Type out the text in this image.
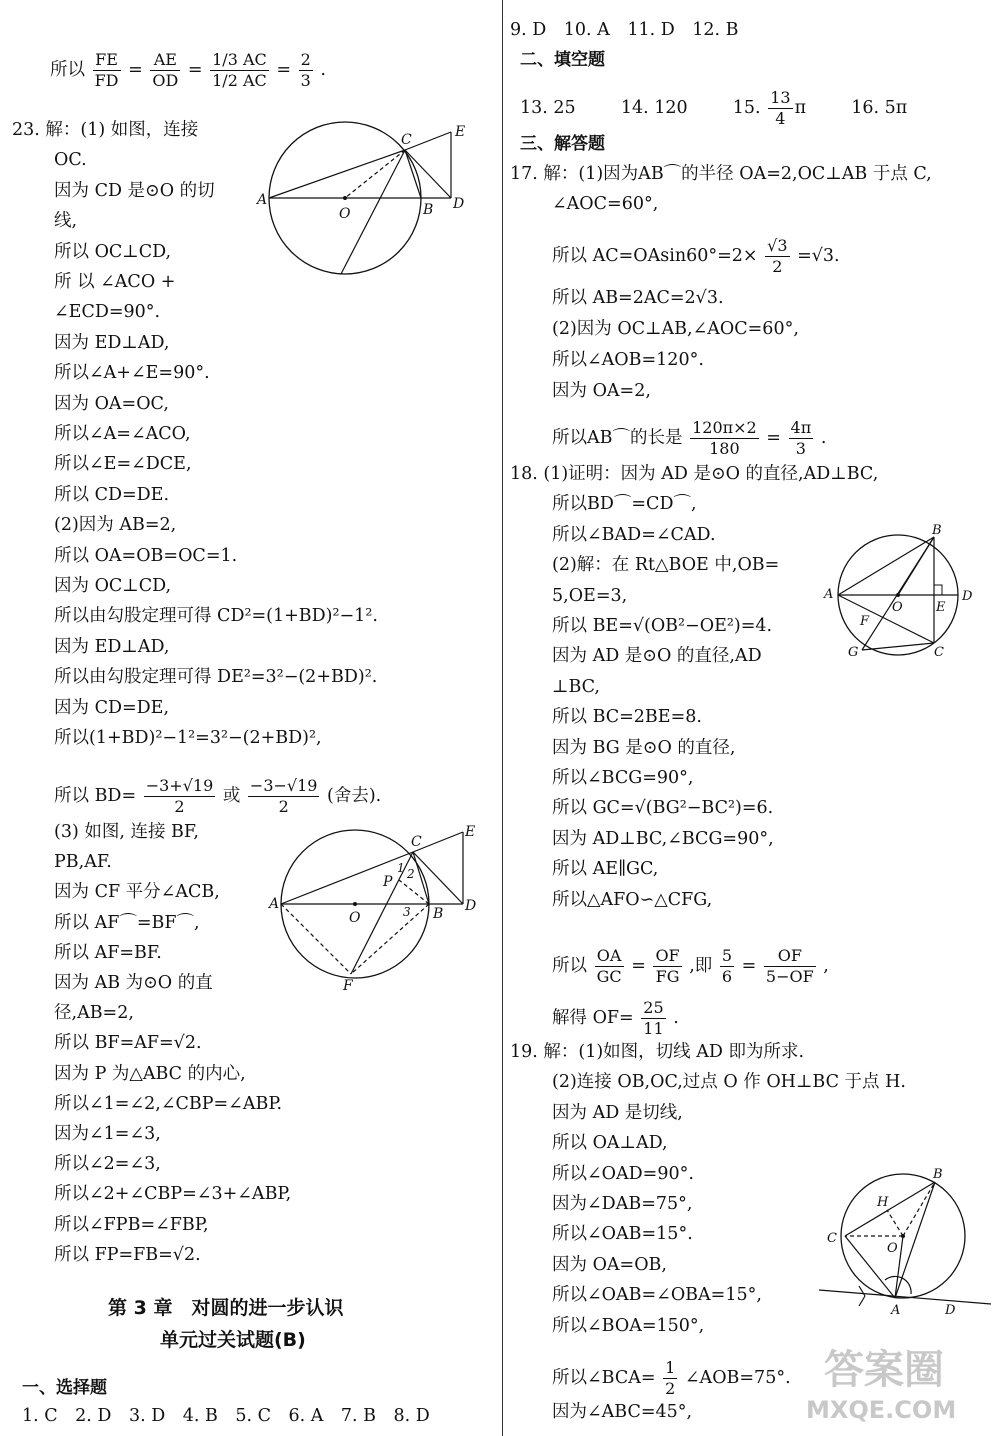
所以 $\frac{FE}{FD} = \frac{AE}{OD} = \frac{1/3 AC}{1/2 AC} = \frac{2}{3}$ .
23. 解：(1) 如图，连接
OC.
因为 CD 是⊙O 的切
线,
所以 OC⊥CD,
所 以 ∠ACO +
∠ECD=90°.
因为 ED⊥AD,
所以∠A+∠E=90°.
因为 OA=OC,
所以∠A=∠ACO,
所以∠E=∠DCE,
所以 CD=DE.
(2)因为 AB=2,
所以 OA=OB=OC=1.
因为 OC⊥CD,
所以由勾股定理可得 CD²=(1+BD)²−1².
因为 ED⊥AD,
所以由勾股定理可得 DE²=3²−(2+BD)².
因为 CD=DE,
所以(1+BD)²−1²=3²−(2+BD)²,
所以 $BD= \frac{-3+√19}{2}$ 或 $\frac{-3-√19}{2}$ (舍去).
(3) 如图, 连接 BF,
PB,AF.
因为 CF 平分∠ACB,
所以 AF⌒=BF⌒,
所以 AF=BF.
因为 AB 为⊙O 的直
径,AB=2,
所以 BF=AF=√2.
因为 P 为△ABC 的内心,
所以∠1=∠2,∠CBP=∠ABP.
因为∠1=∠3,
所以∠2=∠3,
所以∠2+∠CBP=∠3+∠ABP,
所以∠FPB=∠FBP,
所以 FP=FB=√2.
第 3 章　对圆的进一步认识
单元过关试题(B)
一、选择题
1. C　2. D　3. D　4. B　5. C　6. A　7. B　8. D
9. D　10. A　11. D　12. B
二、填空题
13. 25	14. 120	15. $\frac{13}{4}$ π	16. 5π
三、解答题
17. 解：(1)因为AB⌒的半径 OA=2,OC⊥AB 于点 C,
∠AOC=60°,
所以 $AC=OAsin60^\circ=2\times \frac{√3}{2} =√3$.
所以 AB=2AC=2√3.
(2)因为 OC⊥AB,∠AOC=60°,
所以∠AOB=120°.
因为 OA=2,
所以AB⌒的长是 $\frac{120\pi\times 2}{180} = \frac{4\pi}{3}$ .
18. (1)证明：因为 AD 是⊙O 的直径,AD⊥BC,
所以BD⌒=CD⌒,
所以∠BAD=∠CAD.
(2)解：在 Rt△BOE 中,OB=
5,OE=3,
所以 BE=√(OB²−OE²)=4.
因为 AD 是⊙O 的直径,AD
⊥BC,
所以 BC=2BE=8.
因为 BG 是⊙O 的直径,
所以∠BCG=90°,
所以 GC=√(BG²−BC²)=6.
因为 AD⊥BC,∠BCG=90°,
所以 AE∥GC,
所以△AFO∽△CFG,
所以 $\frac{OA}{GC} = \frac{OF}{FG}$ ,即 $\frac{5}{6} = \frac{OF}{5-OF}$ ,
解得 $OF= \frac{25}{11}$ .
19. 解：(1)如图，切线 AD 即为所求.
(2)连接 OB,OC,过点 O 作 OH⊥BC 于点 H.
因为 AD 是切线,
所以 OA⊥AD,
所以∠OAD=90°.
因为∠DAB=75°,
所以∠OAB=15°.
因为 OA=OB,
所以∠OAB=∠OBA=15°,
所以∠BOA=150°,
所以∠BCA= $\frac{1}{2}$ ∠AOB=75°.
因为∠ABC=45°,
C	E
A
O	B D
C
E
1
P 2
A
O	3 B D
F
B
A
O	E
D
F
G	C
B
H
C
O
A	D
答案圈
MXQE.COM
